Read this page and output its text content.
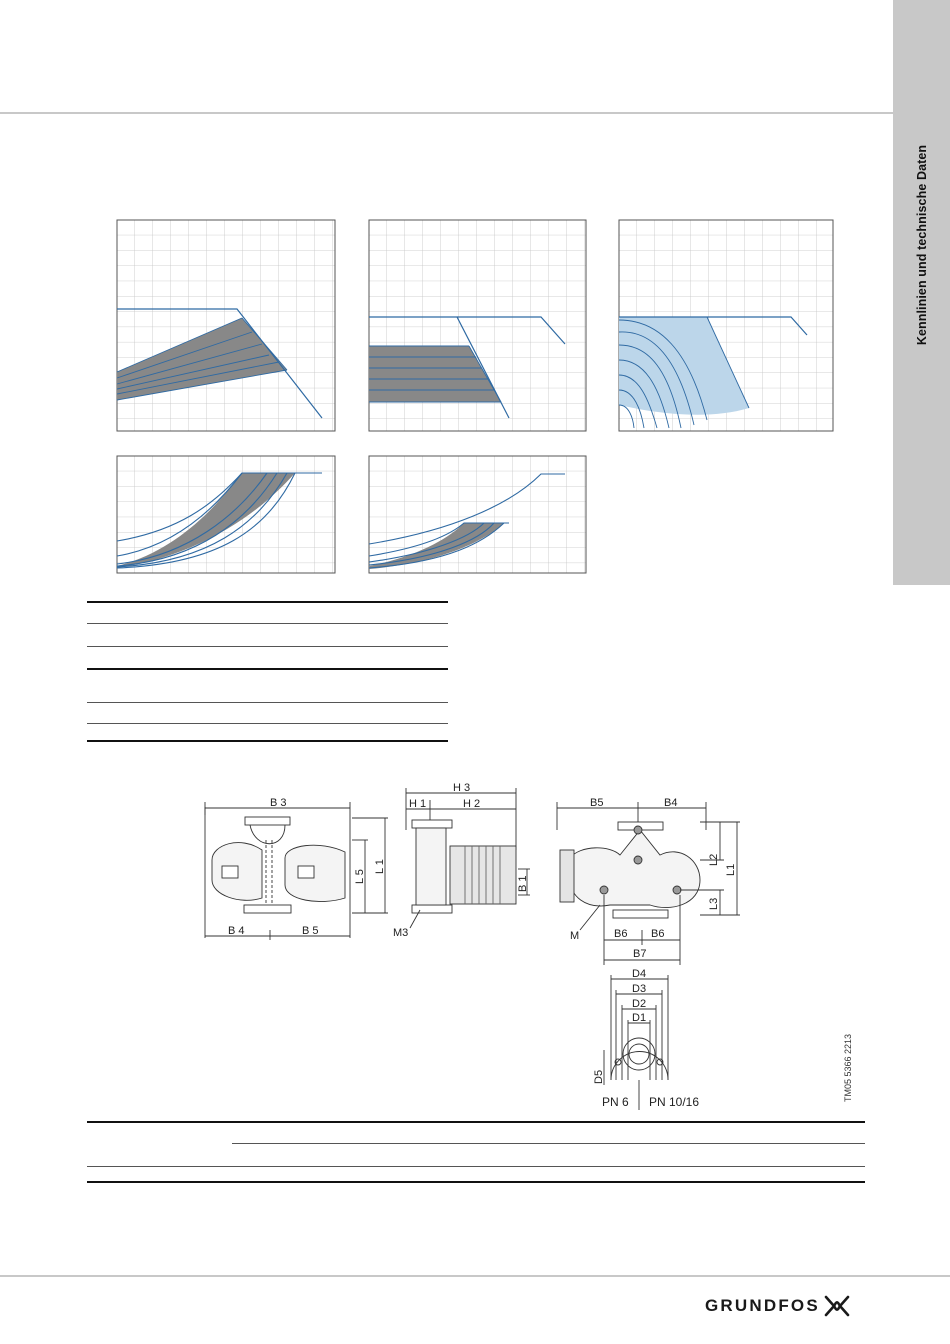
Kennlinien und technische Daten
B 3
B 4	B 5
L 1
L 5
H 3
H 1	H 2
B 1
M3
B5	B4
L1
L2
L3
M	B6 B6
B7
D4
D3
D2
D1
D5
PN 6 PN 10/16	TM05 5366 2213
GRUNDFOS
